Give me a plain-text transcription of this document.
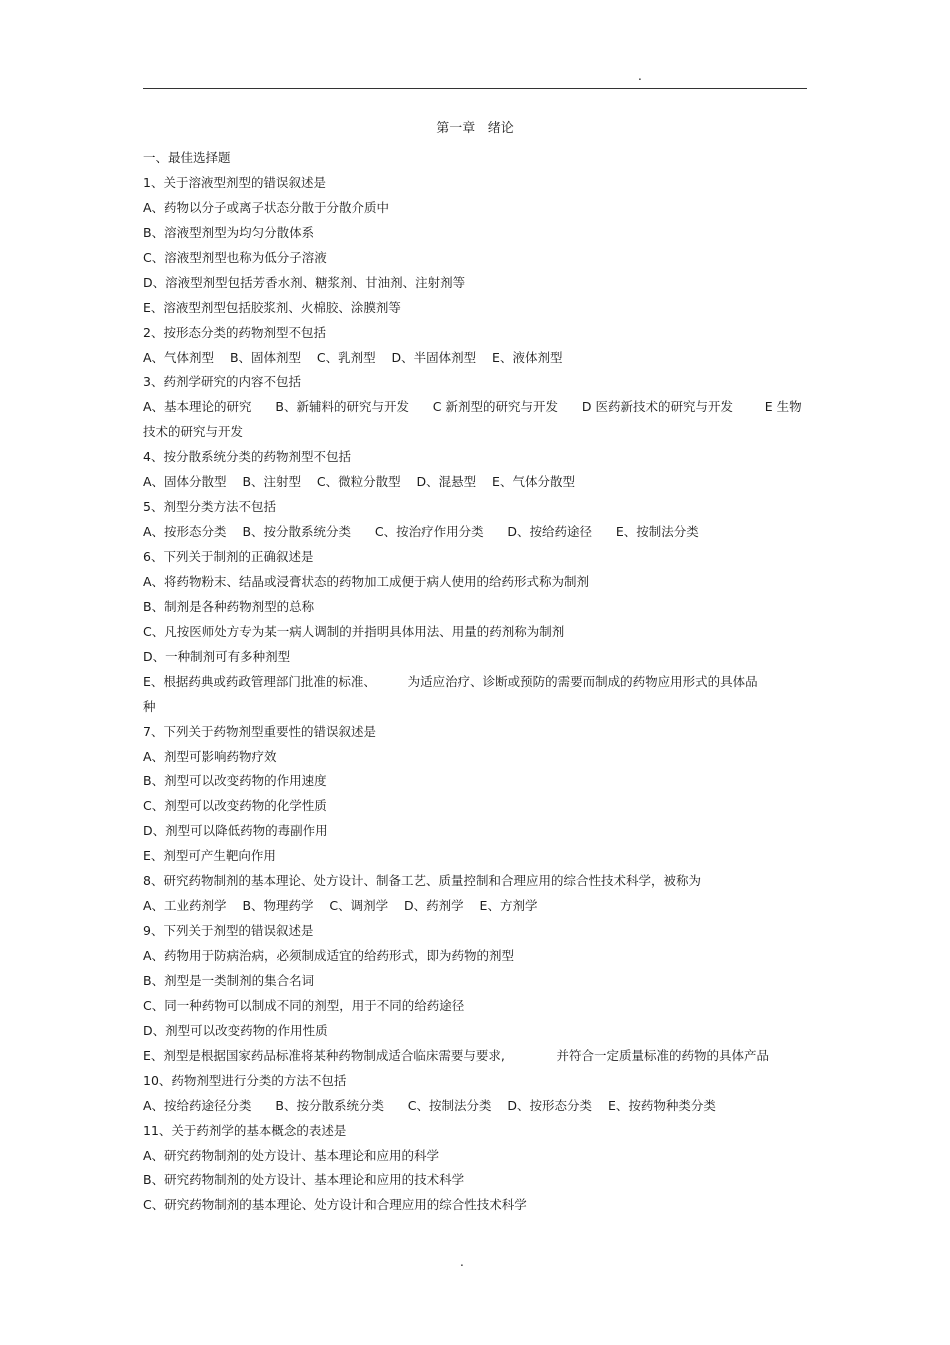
.
第一章   绪论
一、最佳选择题
1、关于溶液型剂型的错误叙述是
A、药物以分子或离子状态分散于分散介质中
B、溶液型剂型为均匀分散体系
C、溶液型剂型也称为低分子溶液
D、溶液型剂型包括芳香水剂、糖浆剂、甘油剂、注射剂等
E、溶液型剂型包括胶浆剂、火棉胶、涂膜剂等
2、按形态分类的药物剂型不包括
A、气体剂型    B、固体剂型    C、乳剂型    D、半固体剂型    E、液体剂型
3、药剂学研究的内容不包括
A、基本理论的研究      B、新辅料的研究与开发      C 新剂型的研究与开发      D 医药新技术的研究与开发        E 生物
技术的研究与开发
4、按分散系统分类的药物剂型不包括
A、固体分散型    B、注射型    C、微粒分散型    D、混悬型    E、气体分散型
5、剂型分类方法不包括
A、按形态分类    B、按分散系统分类      C、按治疗作用分类      D、按给药途径      E、按制法分类
6、下列关于制剂的正确叙述是
A、将药物粉末、结晶或浸膏状态的药物加工成便于病人使用的给药形式称为制剂
B、制剂是各种药物剂型的总称
C、凡按医师处方专为某一病人调制的并指明具体用法、用量的药剂称为制剂
D、一种制剂可有多种剂型
E、根据药典或药政管理部门批准的标准、        为适应治疗、诊断或预防的需要而制成的药物应用形式的具体品
种
7、下列关于药物剂型重要性的错误叙述是
A、剂型可影响药物疗效
B、剂型可以改变药物的作用速度
C、剂型可以改变药物的化学性质
D、剂型可以降低药物的毒副作用
E、剂型可产生靶向作用
8、研究药物制剂的基本理论、处方设计、制备工艺、质量控制和合理应用的综合性技术科学，被称为
A、工业药剂学    B、物理药学    C、调剂学    D、药剂学    E、方剂学
9、下列关于剂型的错误叙述是
A、药物用于防病治病，必须制成适宜的给药形式，即为药物的剂型
B、剂型是一类制剂的集合名词
C、同一种药物可以制成不同的剂型，用于不同的给药途径
D、剂型可以改变药物的作用性质
E、剂型是根据国家药品标准将某种药物制成适合临床需要与要求,             并符合一定质量标准的药物的具体产品
10、药物剂型进行分类的方法不包括
A、按给药途径分类      B、按分散系统分类      C、按制法分类    D、按形态分类    E、按药物种类分类
11、关于药剂学的基本概念的表述是
A、研究药物制剂的处方设计、基本理论和应用的科学
B、研究药物制剂的处方设计、基本理论和应用的技术科学
C、研究药物制剂的基本理论、处方设计和合理应用的综合性技术科学
.
